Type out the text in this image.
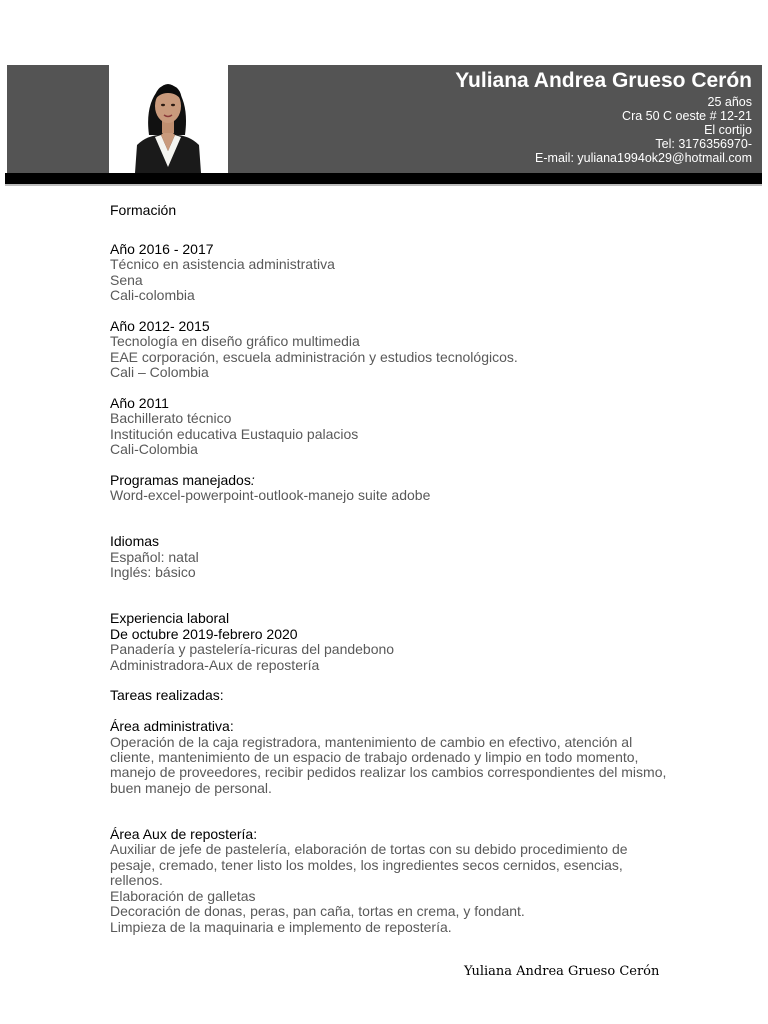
Yuliana Andrea Grueso Cerón
25 años
Cra 50 C oeste # 12-21
El cortijo
Tel: 3176356970-
E-mail: yuliana1994ok29@hotmail.com
Formación
Año 2016 - 2017
Técnico en asistencia administrativa
Sena
Cali-colombia
Año 2012- 2015
Tecnología en diseño gráfico multimedia
EAE corporación, escuela administración y estudios tecnológicos.
Cali – Colombia
Año 2011
Bachillerato técnico
Institución educativa Eustaquio palacios
Cali-Colombia
Programas manejados:
Word-excel-powerpoint-outlook-manejo suite adobe
Idiomas
Español: natal
Inglés: básico
Experiencia laboral
De octubre 2019-febrero 2020
Panadería y pastelería-ricuras del pandebono
Administradora-Aux de repostería
Tareas realizadas:
Área administrativa:
Operación de la caja registradora, mantenimiento de cambio en efectivo, atención al cliente, mantenimiento de un espacio de trabajo ordenado y limpio en todo momento, manejo de proveedores, recibir pedidos realizar los cambios correspondientes del mismo, buen manejo de personal.
Área Aux de repostería:
Auxiliar de jefe de pastelería, elaboración de tortas con su debido procedimiento de pesaje, cremado, tener listo los moldes, los ingredientes secos cernidos, esencias, rellenos.
Elaboración de galletas
Decoración de donas, peras, pan caña, tortas en crema, y fondant.
Limpieza de la maquinaria e implemento de repostería.
Yuliana Andrea Grueso Cerón
